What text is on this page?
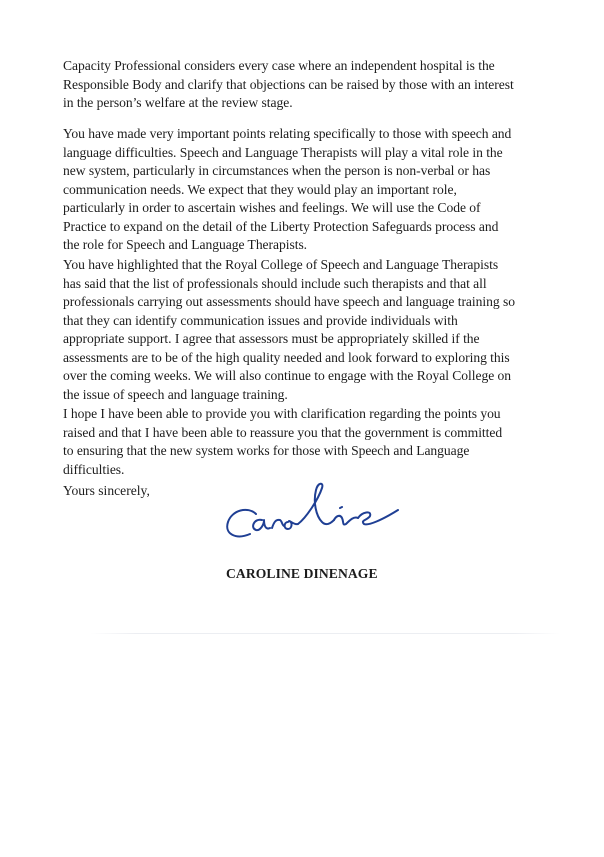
Capacity Professional considers every case where an independent hospital is the
Responsible Body and clarify that objections can be raised by those with an interest
in the person’s welfare at the review stage.

You have made very important points relating specifically to those with speech and
language difficulties. Speech and Language Therapists will play a vital role in the
new system, particularly in circumstances when the person is non-verbal or has
communication needs. We expect that they would play an important role,
particularly in order to ascertain wishes and feelings. We will use the Code of
Practice to expand on the detail of the Liberty Protection Safeguards process and
the role for Speech and Language Therapists.

You have highlighted that the Royal College of Speech and Language Therapists
has said that the list of professionals should include such therapists and that all
professionals carrying out assessments should have speech and language training so
that they can identify communication issues and provide individuals with
appropriate support. I agree that assessors must be appropriately skilled if the
assessments are to be of the high quality needed and look forward to exploring this
over the coming weeks. We will also continue to engage with the Royal College on
the issue of speech and language training.

I hope I have been able to provide you with clarification regarding the points you
raised and that I have been able to reassure you that the government is committed
to ensuring that the new system works for those with Speech and Language
difficulties.

Yours sincerely,

CAROLINE DINENAGE
